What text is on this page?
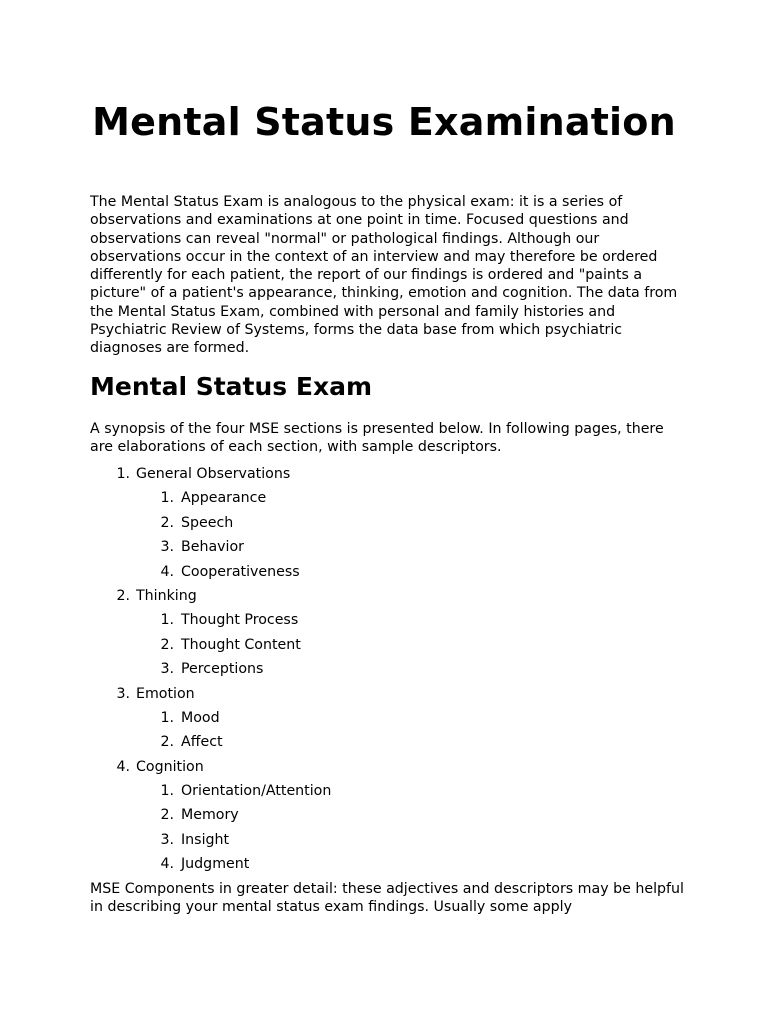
Mental Status Examination

The Mental Status Exam is analogous to the physical exam: it is a series of observations and examinations at one point in time. Focused questions and observations can reveal "normal" or pathological findings. Although our observations occur in the context of an interview and may therefore be ordered differently for each patient, the report of our findings is ordered and "paints a picture" of a patient's appearance, thinking, emotion and cognition. The data from the Mental Status Exam, combined with personal and family histories and Psychiatric Review of Systems, forms the data base from which psychiatric diagnoses are formed.

Mental Status Exam

A synopsis of the four MSE sections is presented below. In following pages, there are elaborations of each section, with sample descriptors.

1. General Observations
1. Appearance
2. Speech
3. Behavior
4. Cooperativeness
2. Thinking
1. Thought Process
2. Thought Content
3. Perceptions
3. Emotion
1. Mood
2. Affect
4. Cognition
1. Orientation/Attention
2. Memory
3. Insight
4. Judgment

MSE Components in greater detail: these adjectives and descriptors may be helpful in describing your mental status exam findings. Usually some apply
